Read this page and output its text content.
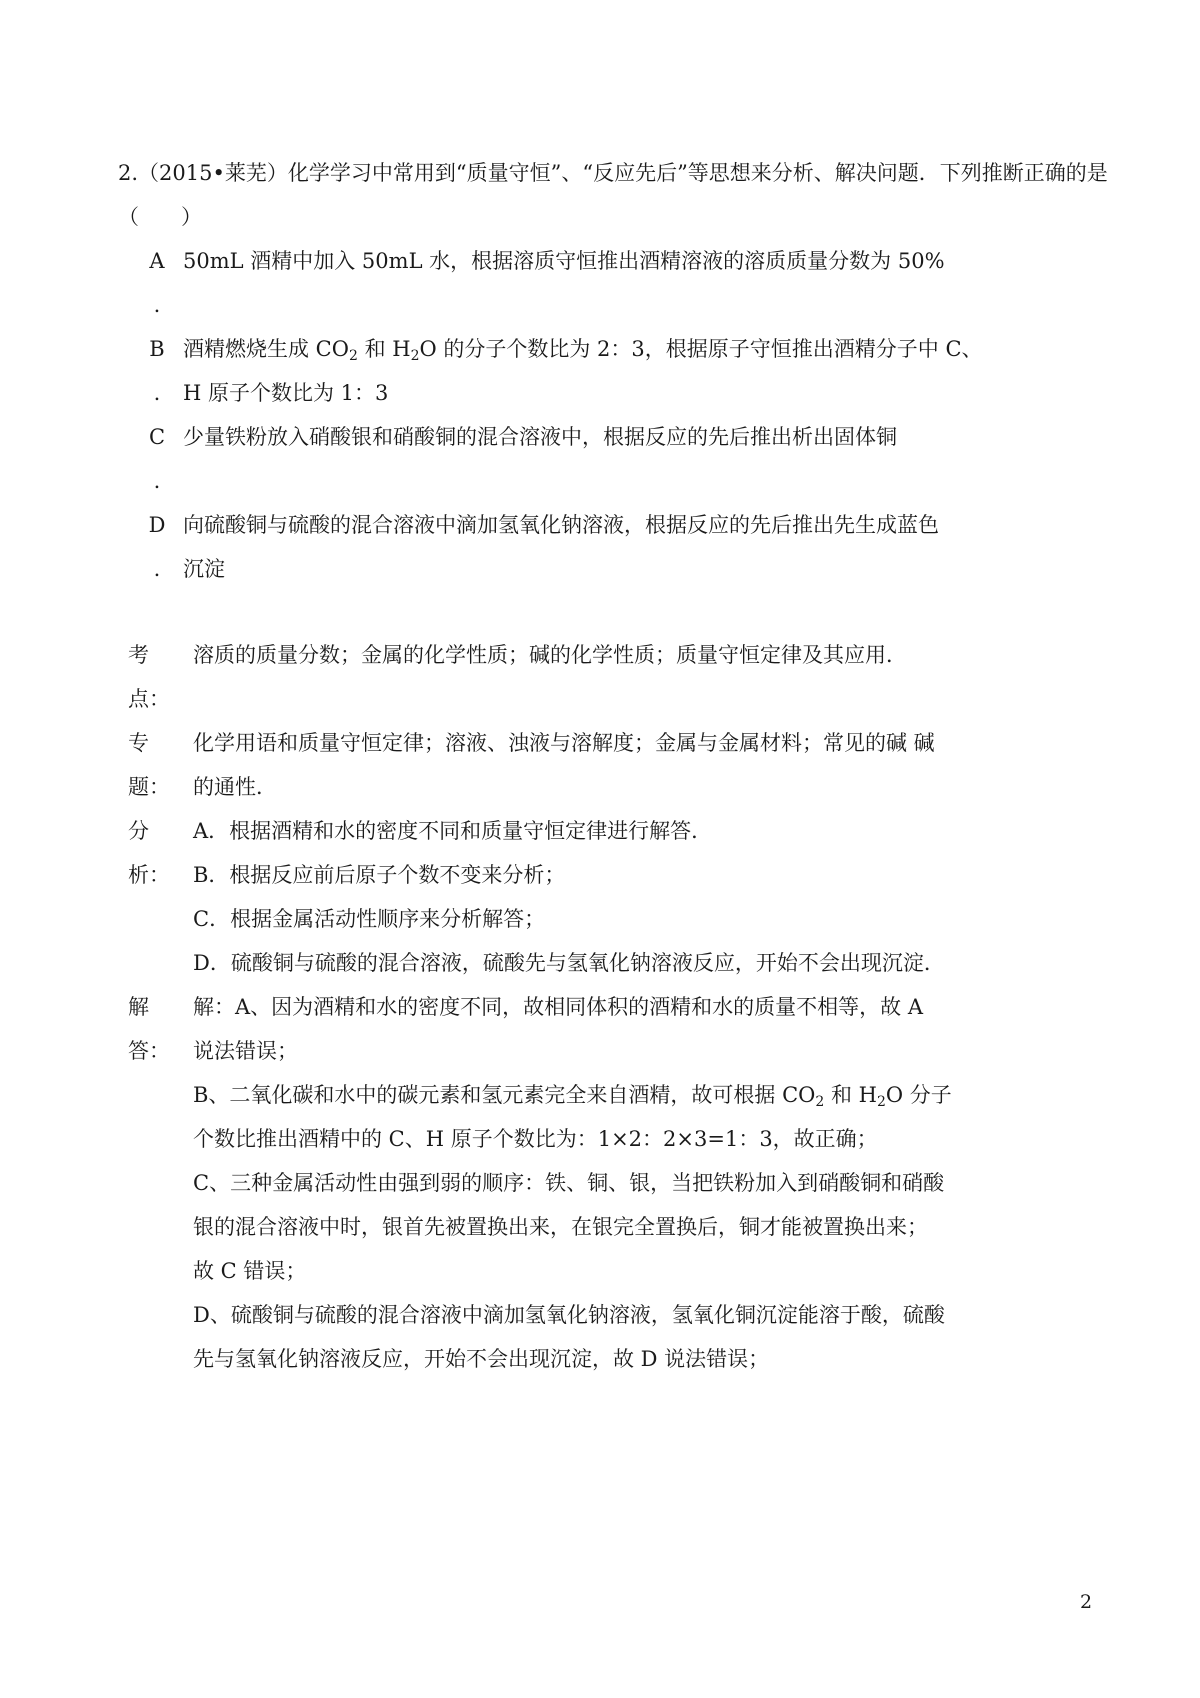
2.（2015•莱芜）化学学习中常用到“质量守恒”、“反应先后”等思想来分析、解决问题．下列推断正确的是
（　　）
A 50mL 酒精中加入 50mL 水，根据溶质守恒推出酒精溶液的溶质质量分数为 50%
.
B 酒精燃烧生成 $CO_2$ 和 $H_2O$ 的分子个数比为 2：3，根据原子守恒推出酒精分子中 C、
.	H 原子个数比为 1：3
C 少量铁粉放入硝酸银和硝酸铜的混合溶液中，根据反应的先后推出析出固体铜
.
D 向硫酸铜与硫酸的混合溶液中滴加氢氧化钠溶液，根据反应的先后推出先生成蓝色
.	沉淀
考
点：
溶质的质量分数；金属的化学性质；碱的化学性质；质量守恒定律及其应用．
专
题：
化学用语和质量守恒定律；溶液、浊液与溶解度；金属与金属材料；常见的碱 碱
的通性．
分
析：
A．根据酒精和水的密度不同和质量守恒定律进行解答．
B．根据反应前后原子个数不变来分析；
C．根据金属活动性顺序来分析解答；
D．硫酸铜与硫酸的混合溶液，硫酸先与氢氧化钠溶液反应，开始不会出现沉淀．
解
答：
解：A、因为酒精和水的密度不同，故相同体积的酒精和水的质量不相等，故 A
说法错误；
B、二氧化碳和水中的碳元素和氢元素完全来自酒精，故可根据 $CO_2$ 和 $H_2O$ 分子
个数比推出酒精中的 C、H 原子个数比为：1×2：2×3=1：3，故正确；
C、三种金属活动性由强到弱的顺序：铁、铜、银，当把铁粉加入到硝酸铜和硝酸
银的混合溶液中时，银首先被置换出来，在银完全置换后，铜才能被置换出来；
故 C 错误；
D、硫酸铜与硫酸的混合溶液中滴加氢氧化钠溶液，氢氧化铜沉淀能溶于酸，硫酸
先与氢氧化钠溶液反应，开始不会出现沉淀，故 D 说法错误；
2
